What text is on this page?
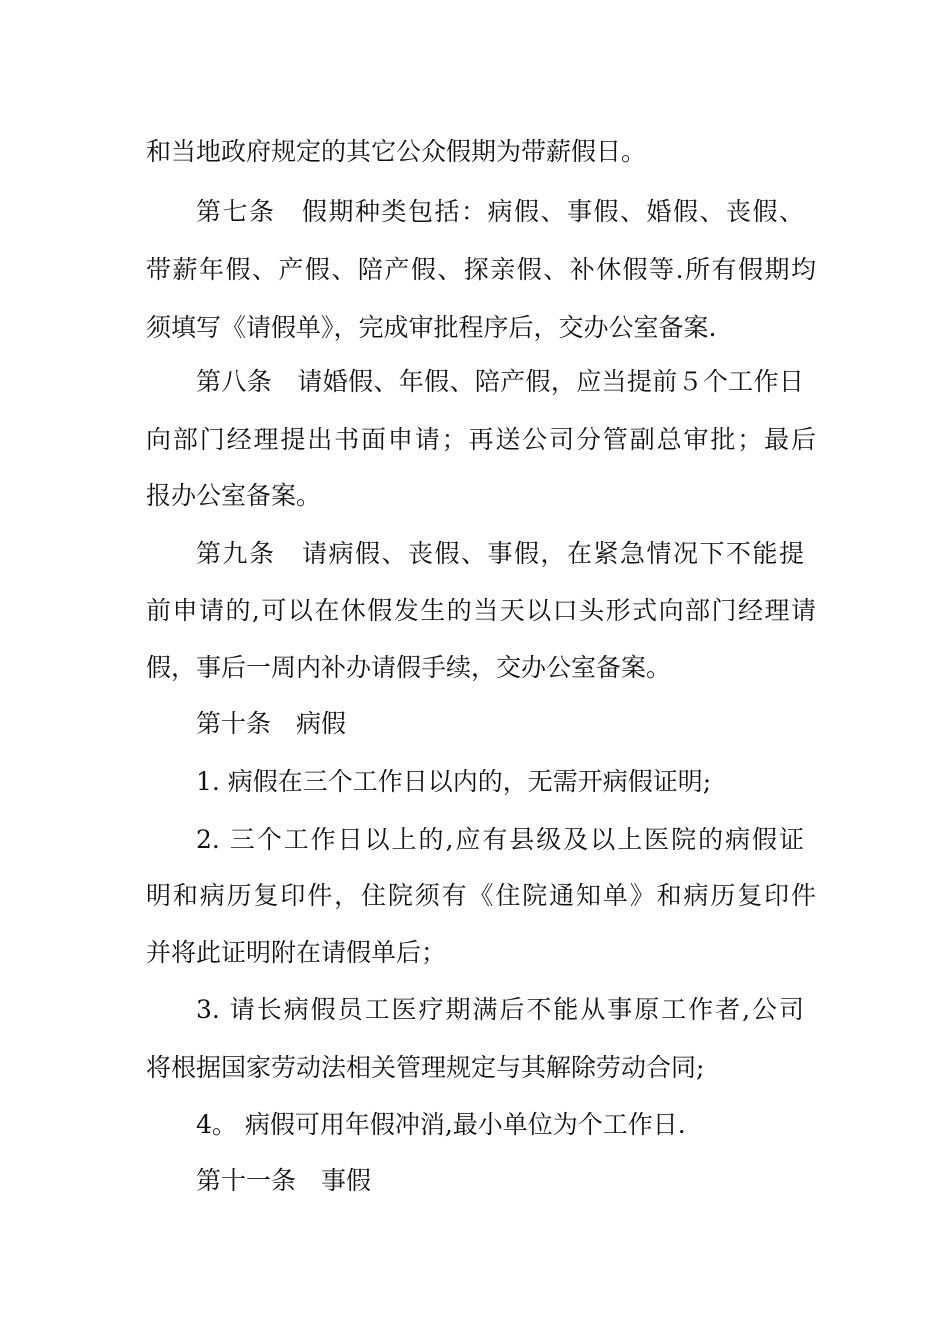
和当地政府规定的其它公众假期为带薪假日。
第七条　假期种类包括：病假、事假、婚假、丧假、
带薪年假、产假、陪产假、探亲假、补休假等.所有假期均
须填写《请假单》，完成审批程序后，交办公室备案.
第八条　请婚假、年假、陪产假，应当提前５个工作日
向部门经理提出书面申请；再送公司分管副总审批；最后
报办公室备案。
第九条　请病假、丧假、事假，在紧急情况下不能提
前申请的,可以在休假发生的当天以口头形式向部门经理请
假，事后一周内补办请假手续，交办公室备案。
第十条　病假
1. 病假在三个工作日以内的，无需开病假证明;
2. 三个工作日以上的,应有县级及以上医院的病假证
明和病历复印件，住院须有《住院通知单》和病历复印件
并将此证明附在请假单后；
3. 请长病假员工医疗期满后不能从事原工作者,公司
将根据国家劳动法相关管理规定与其解除劳动合同;
4。 病假可用年假冲消,最小单位为个工作日.
第十一条　事假
